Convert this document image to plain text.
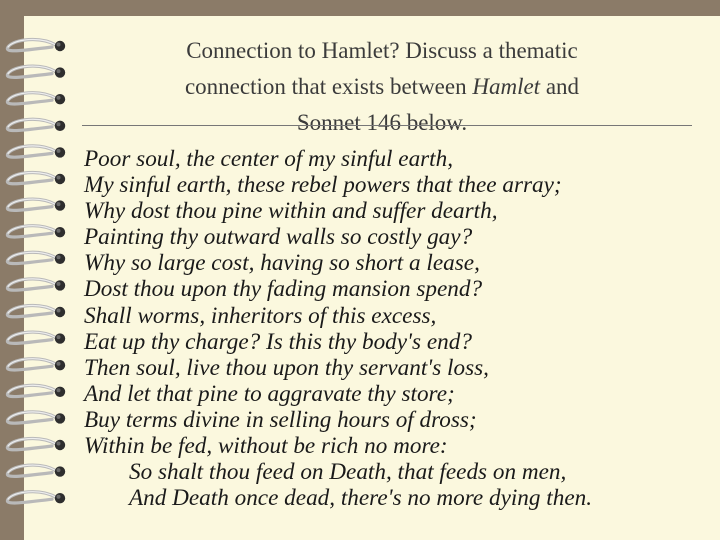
Connection to Hamlet? Discuss a thematic
connection that exists between Hamlet and
Sonnet 146 below.
Poor soul, the center of my sinful earth,
My sinful earth, these rebel powers that thee array;
Why dost thou pine within and suffer dearth,
Painting thy outward walls so costly gay?
Why so large cost, having so short a lease,
Dost thou upon thy fading mansion spend?
Shall worms, inheritors of this excess,
Eat up thy charge? Is this thy body's end?
Then soul, live thou upon thy servant's loss,
And let that pine to aggravate thy store;
Buy terms divine in selling hours of dross;
Within be fed, without be rich no more:
So shalt thou feed on Death, that feeds on men,
And Death once dead, there's no more dying then.
